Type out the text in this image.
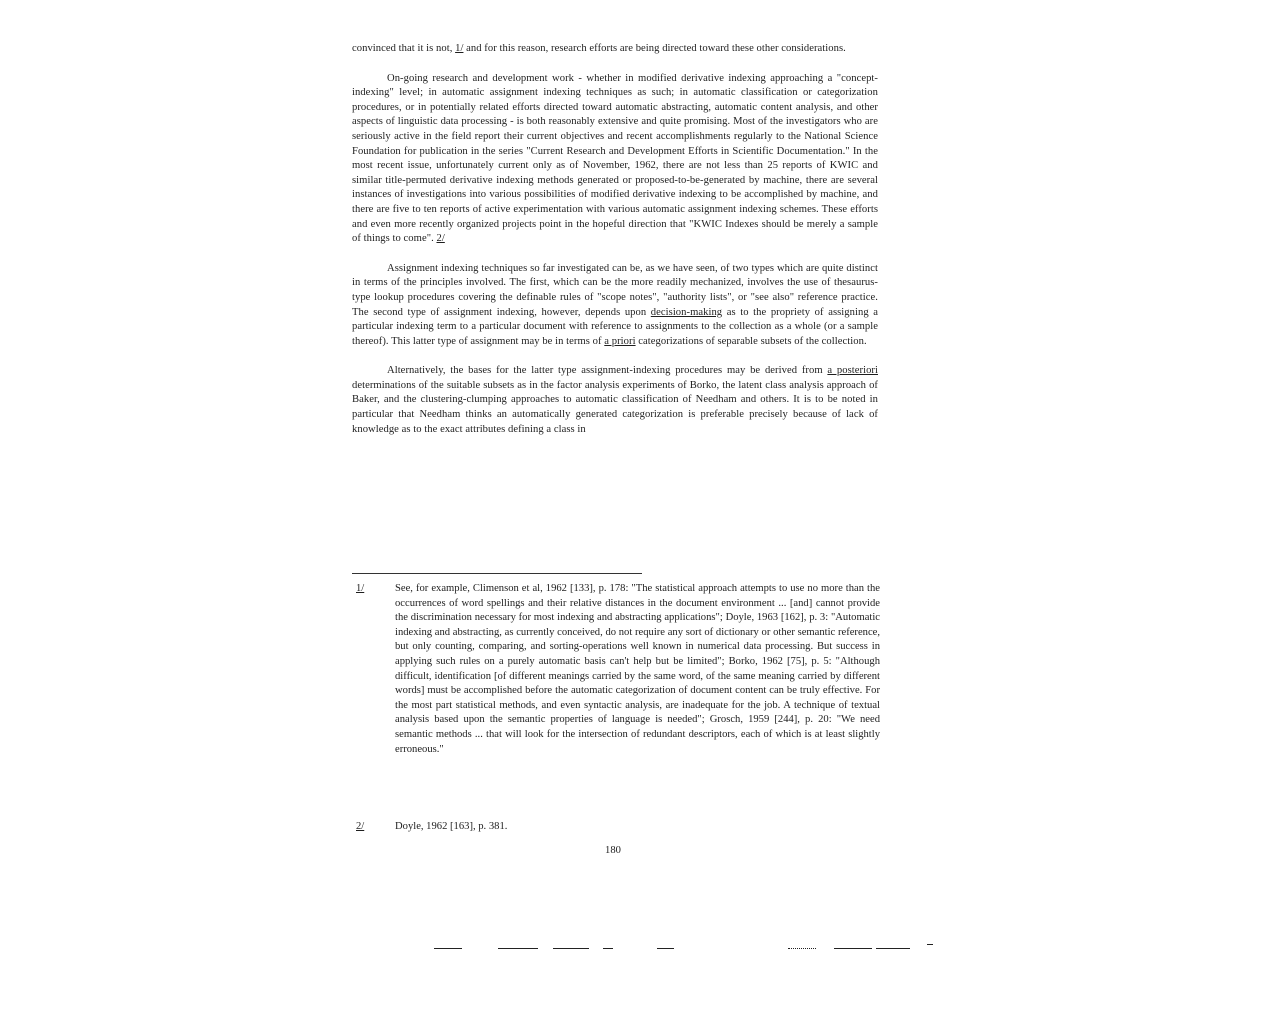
convinced that it is not, 1/ and for this reason, research efforts are being directed toward these other considerations.

On-going research and development work - whether in modified derivative indexing approaching a "concept-indexing" level; in automatic assignment indexing techniques as such; in automatic classification or categorization procedures, or in potentially related efforts directed toward automatic abstracting, automatic content analysis, and other aspects of linguistic data processing - is both reasonably extensive and quite promising. Most of the investigators who are seriously active in the field report their current objectives and recent accomplishments regularly to the National Science Foundation for publication in the series "Current Research and Development Efforts in Scientific Documentation." In the most recent issue, unfortunately current only as of November, 1962, there are not less than 25 reports of KWIC and similar title-permuted derivative indexing methods generated or proposed-to-be-generated by machine, there are several instances of investigations into various possibilities of modified derivative indexing to be accomplished by machine, and there are five to ten reports of active experimentation with various automatic assignment indexing schemes. These efforts and even more recently organized projects point in the hopeful direction that "KWIC Indexes should be merely a sample of things to come". 2/

Assignment indexing techniques so far investigated can be, as we have seen, of two types which are quite distinct in terms of the principles involved. The first, which can be the more readily mechanized, involves the use of thesaurus-type lookup procedures covering the definable rules of "scope notes", "authority lists", or "see also" reference practice. The second type of assignment indexing, however, depends upon decision-making as to the propriety of assigning a particular indexing term to a particular document with reference to assignments to the collection as a whole (or a sample thereof). This latter type of assignment may be in terms of a priori categorizations of separable subsets of the collection.

Alternatively, the bases for the latter type assignment-indexing procedures may be derived from a posteriori determinations of the suitable subsets as in the factor analysis experiments of Borko, the latent class analysis approach of Baker, and the clustering-clumping approaches to automatic classification of Needham and others. It is to be noted in particular that Needham thinks an automatically generated categorization is preferable precisely because of lack of knowledge as to the exact attributes defining a class in

1/	See, for example, Climenson et al, 1962 [133], p. 178: "The statistical approach attempts to use no more than the occurrences of word spellings and their relative distances in the document environment ... [and] cannot provide the discrimination necessary for most indexing and abstracting applications"; Doyle, 1963 [162], p. 3: "Automatic indexing and abstracting, as currently conceived, do not require any sort of dictionary or other semantic reference, but only counting, comparing, and sorting-operations well known in numerical data processing. But success in applying such rules on a purely automatic basis can't help but be limited"; Borko, 1962 [75], p. 5: "Although difficult, identification [of different meanings carried by the same word, of the same meaning carried by different words] must be accomplished before the automatic categorization of document content can be truly effective. For the most part statistical methods, and even syntactic analysis, are inadequate for the job. A technique of textual analysis based upon the semantic properties of language is needed"; Grosch, 1959 [244], p. 20: "We need semantic methods ... that will look for the intersection of redundant descriptors, each of which is at least slightly erroneous."
2/	Doyle, 1962 [163], p. 381.
180
